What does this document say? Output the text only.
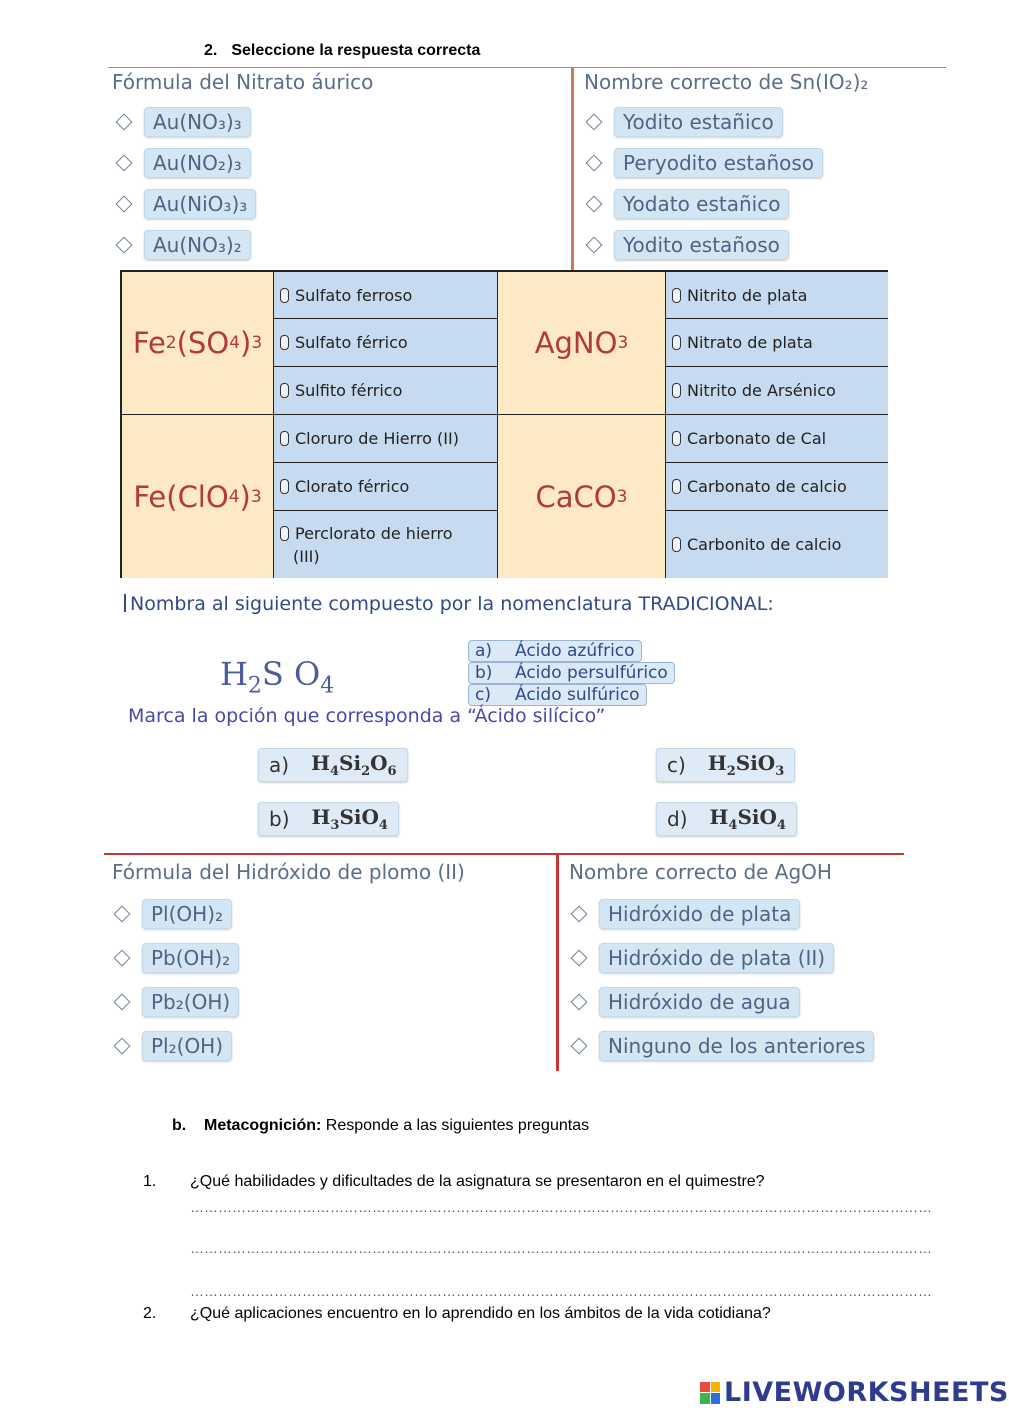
2. Seleccione la respuesta correcta
Fórmula del Nitrato áurico
Au(NO₃)₃
Au(NO₂)₃
Au(NiO₃)₃
Au(NO₃)₂
Nombre correcto de Sn(IO₂)₂
Yodito estañico
Peryodito estañoso
Yodato estañico
Yodito estañoso
Fe 2 (SO 4 ) 3
Sulfato ferroso
Sulfato férrico
Sulfito férrico
AgNO 3
Nitrito de plata
Nitrato de plata
Nitrito de Arsénico
Fe(ClO 4 ) 3
Cloruro de Hierro (II)
Clorato férrico
Perclorato de hierro
(III)
CaCO 3
Carbonato de Cal
Carbonato de calcio
Carbonito de calcio
Nombra al siguiente compuesto por la nomenclatura TRADICIONAL:
$H_2S$ $O_4$
a) Ácido azúfrico
b) Ácido persulfúrico
c) Ácido sulfúrico
Marca la opción que corresponda a “Ácido silícico”
a) $H_4Si_2O_6$
b) $H_3SiO_4$
c) $H_2SiO_3$
d) $H_4SiO_4$
Fórmula del Hidróxido de plomo (II)
Pl(OH)₂
Pb(OH)₂
Pb₂(OH)
Pl₂(OH)
Nombre correcto de AgOH
Hidróxido de plata
Hidróxido de plata (II)
Hidróxido de agua
Ninguno de los anteriores
b. Metacognición: Responde a las siguientes preguntas
1. ¿Qué habilidades y dificultades de la asignatura se presentaron en el quimestre?
……………………………………………………………………………………………………………………………………………
……………………………………………………………………………………………………………………………………………
……………………………………………………………………………………………………………………………………………
2. ¿Qué aplicaciones encuentro en lo aprendido en los ámbitos de la vida cotidiana?
LIVEWORKSHEETS
